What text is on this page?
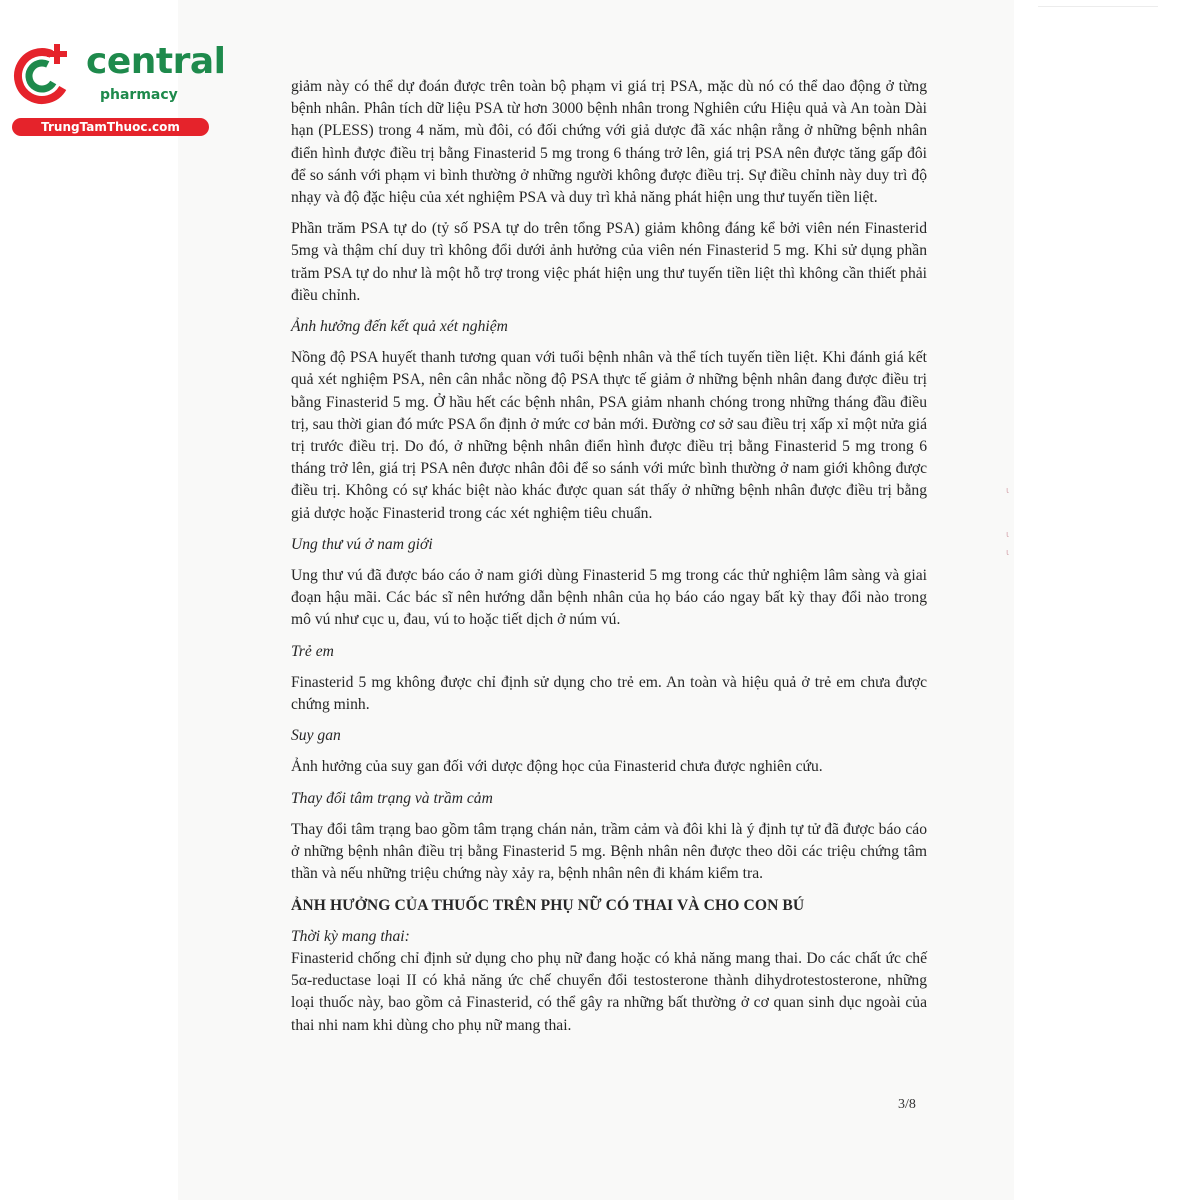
central
pharmacy
TrungTamThuoc.com

giảm này có thể dự đoán được trên toàn bộ phạm vi giá trị PSA, mặc dù nó có thể dao động ở từng bệnh nhân. Phân tích dữ liệu PSA từ hơn 3000 bệnh nhân trong Nghiên cứu Hiệu quả và An toàn Dài hạn (PLESS) trong 4 năm, mù đôi, có đối chứng với giả dược đã xác nhận rằng ở những bệnh nhân điển hình được điều trị bằng Finasterid 5 mg trong 6 tháng trở lên, giá trị PSA nên được tăng gấp đôi để so sánh với phạm vi bình thường ở những người không được điều trị. Sự điều chỉnh này duy trì độ nhạy và độ đặc hiệu của xét nghiệm PSA và duy trì khả năng phát hiện ung thư tuyến tiền liệt.

Phần trăm PSA tự do (tỷ số PSA tự do trên tổng PSA) giảm không đáng kể bởi viên nén Finasterid 5mg và thậm chí duy trì không đổi dưới ảnh hưởng của viên nén Finasterid 5 mg. Khi sử dụng phần trăm PSA tự do như là một hỗ trợ trong việc phát hiện ung thư tuyến tiền liệt thì không cần thiết phải điều chỉnh.

Ảnh hưởng đến kết quả xét nghiệm

Nồng độ PSA huyết thanh tương quan với tuổi bệnh nhân và thể tích tuyến tiền liệt. Khi đánh giá kết quả xét nghiệm PSA, nên cân nhắc nồng độ PSA thực tế giảm ở những bệnh nhân đang được điều trị bằng Finasterid 5 mg. Ở hầu hết các bệnh nhân, PSA giảm nhanh chóng trong những tháng đầu điều trị, sau thời gian đó mức PSA ổn định ở mức cơ bản mới. Đường cơ sở sau điều trị xấp xỉ một nửa giá trị trước điều trị. Do đó, ở những bệnh nhân điển hình được điều trị bằng Finasterid 5 mg trong 6 tháng trở lên, giá trị PSA nên được nhân đôi để so sánh với mức bình thường ở nam giới không được điều trị. Không có sự khác biệt nào khác được quan sát thấy ở những bệnh nhân được điều trị bằng giả dược hoặc Finasterid trong các xét nghiệm tiêu chuẩn.

Ung thư vú ở nam giới

Ung thư vú đã được báo cáo ở nam giới dùng Finasterid 5 mg trong các thử nghiệm lâm sàng và giai đoạn hậu mãi. Các bác sĩ nên hướng dẫn bệnh nhân của họ báo cáo ngay bất kỳ thay đổi nào trong mô vú như cục u, đau, vú to hoặc tiết dịch ở núm vú.

Trẻ em

Finasterid 5 mg không được chỉ định sử dụng cho trẻ em. An toàn và hiệu quả ở trẻ em chưa được chứng minh.

Suy gan

Ảnh hưởng của suy gan đối với dược động học của Finasterid chưa được nghiên cứu.

Thay đổi tâm trạng và trầm cảm

Thay đổi tâm trạng bao gồm tâm trạng chán nản, trầm cảm và đôi khi là ý định tự tử đã được báo cáo ở những bệnh nhân điều trị bằng Finasterid 5 mg. Bệnh nhân nên được theo dõi các triệu chứng tâm thần và nếu những triệu chứng này xảy ra, bệnh nhân nên đi khám kiểm tra.

ẢNH HƯỞNG CỦA THUỐC TRÊN PHỤ NỮ CÓ THAI VÀ CHO CON BÚ
Thời kỳ mang thai:

Finasterid chống chỉ định sử dụng cho phụ nữ đang hoặc có khả năng mang thai. Do các chất ức chế 5α-reductase loại II có khả năng ức chế chuyển đổi testosterone thành dihydrotestosterone, những loại thuốc này, bao gồm cả Finasterid, có thể gây ra những bất thường ở cơ quan sinh dục ngoài của thai nhi nam khi dùng cho phụ nữ mang thai.

3/8
ι
ι
ι
